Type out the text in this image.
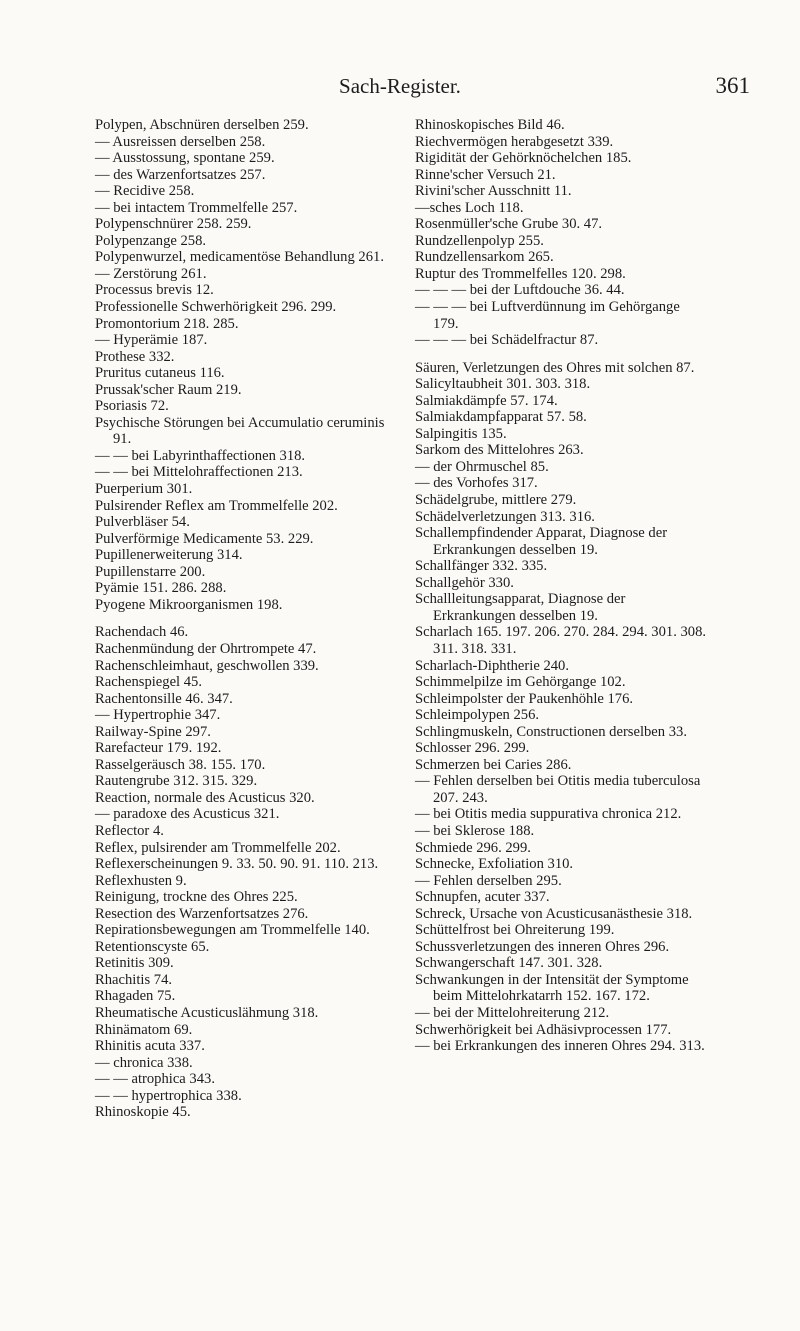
Sach-Register.	361

Polypen, Abschnüren derselben 259.

— Ausreissen derselben 258.

— Ausstossung, spontane 259.

— des Warzenfortsatzes 257.

— Recidive 258.

— bei intactem Trommelfelle 257.

Polypenschnürer 258. 259.

Polypenzange 258.

Polypenwurzel, medicamentöse Behandlung 261.

— Zerstörung 261.

Processus brevis 12.

Professionelle Schwerhörigkeit 296. 299.

Promontorium 218. 285.

— Hyperämie 187.

Prothese 332.

Pruritus cutaneus 116.

Prussak'scher Raum 219.

Psoriasis 72.

Psychische Störungen bei Accumulatio ceruminis 91.

— — bei Labyrinthaffectionen 318.

— — bei Mittelohraffectionen 213.

Puerperium 301.

Pulsirender Reflex am Trommelfelle 202.

Pulverbläser 54.

Pulverförmige Medicamente 53. 229.

Pupillenerweiterung 314.

Pupillenstarre 200.

Pyämie 151. 286. 288.

Pyogene Mikroorganismen 198.

Rachendach 46.

Rachenmündung der Ohrtrompete 47.

Rachenschleimhaut, geschwollen 339.

Rachenspiegel 45.

Rachentonsille 46. 347.

— Hypertrophie 347.

Railway-Spine 297.

Rarefacteur 179. 192.

Rasselgeräusch 38. 155. 170.

Rautengrube 312. 315. 329.

Reaction, normale des Acusticus 320.

— paradoxe des Acusticus 321.

Reflector 4.

Reflex, pulsirender am Trommelfelle 202.

Reflexerscheinungen 9. 33. 50. 90. 91. 110. 213.

Reflexhusten 9.

Reinigung, trockne des Ohres 225.

Resection des Warzenfortsatzes 276.

Repirationsbewegungen am Trommelfelle 140.

Retentionscyste 65.

Retinitis 309.

Rhachitis 74.

Rhagaden 75.

Rheumatische Acusticuslähmung 318.

Rhinämatom 69.

Rhinitis acuta 337.

— chronica 338.

— — atrophica 343.

— — hypertrophica 338.

Rhinoskopie 45.

Rhinoskopisches Bild 46.

Riechvermögen herabgesetzt 339.

Rigidität der Gehörknöchelchen 185.

Rinne'scher Versuch 21.

Rivini'scher Ausschnitt 11.

—sches Loch 118.

Rosenmüller'sche Grube 30. 47.

Rundzellenpolyp 255.

Rundzellensarkom 265.

Ruptur des Trommelfelles 120. 298.

— — — bei der Luftdouche 36. 44.

— — — bei Luftverdünnung im Gehörgange 179.

— — — bei Schädelfractur 87.

Säuren, Verletzungen des Ohres mit solchen 87.

Salicyltaubheit 301. 303. 318.

Salmiakdämpfe 57. 174.

Salmiakdampfapparat 57. 58.

Salpingitis 135.

Sarkom des Mittelohres 263.

— der Ohrmuschel 85.

— des Vorhofes 317.

Schädelgrube, mittlere 279.

Schädelverletzungen 313. 316.

Schallempfindender Apparat, Diagnose der Erkrankungen desselben 19.

Schallfänger 332. 335.

Schallgehör 330.

Schallleitungsapparat, Diagnose der Erkrankungen desselben 19.

Scharlach 165. 197. 206. 270. 284. 294. 301. 308. 311. 318. 331.

Scharlach-Diphtherie 240.

Schimmelpilze im Gehörgange 102.

Schleimpolster der Paukenhöhle 176.

Schleimpolypen 256.

Schlingmuskeln, Constructionen derselben 33.

Schlosser 296. 299.

Schmerzen bei Caries 286.

— Fehlen derselben bei Otitis media tuberculosa 207. 243.

— bei Otitis media suppurativa chronica 212.

— bei Sklerose 188.

Schmiede 296. 299.

Schnecke, Exfoliation 310.

— Fehlen derselben 295.

Schnupfen, acuter 337.

Schreck, Ursache von Acusticusanästhesie 318.

Schüttelfrost bei Ohreiterung 199.

Schussverletzungen des inneren Ohres 296.

Schwangerschaft 147. 301. 328.

Schwankungen in der Intensität der Symptome beim Mittelohrkatarrh 152. 167. 172.

— bei der Mittelohreiterung 212.

Schwerhörigkeit bei Adhäsivprocessen 177.

— bei Erkrankungen des inneren Ohres 294. 313.
